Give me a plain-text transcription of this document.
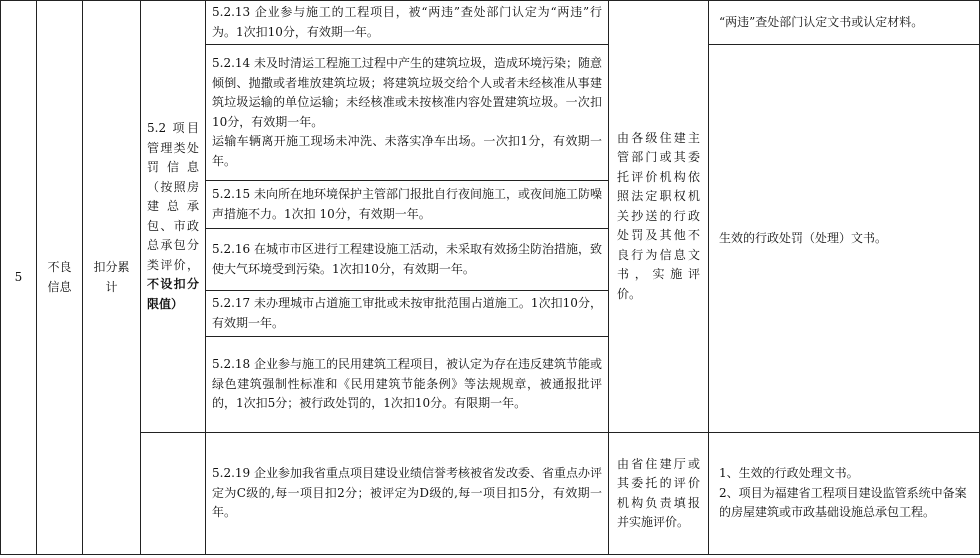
5	不良信息	扣分累计	5.2 项目管理类处罚信息（按照房建总承包、市政总承包分类评价，不设扣分限值）	5.2.13 企业参与施工的工程项目，被“两违”查处部门认定为“两违”行为。1次扣10分，有效期一年。	由各级住建主管部门或其委托评价机构依照法定职权机关抄送的行政处罚及其他不良行为信息文书，实施评价。	“两违”查处部门认定文书或认定材料。

				5.2.14 未及时清运工程施工过程中产生的建筑垃圾，造成环境污染；随意倾倒、抛撒或者堆放建筑垃圾；将建筑垃圾交给个人或者未经核准从事建筑垃圾运输的单位运输；未经核准或未按核准内容处置建筑垃圾。一次扣10分，有效期一年。
运输车辆离开施工现场未冲洗、未落实净车出场。一次扣1分，有效期一年。		生效的行政处罚（处理）文书。

				5.2.15 未向所在地环境保护主管部门报批自行夜间施工，或夜间施工防噪声措施不力。1次扣 10分，有效期一年。		

				5.2.16 在城市市区进行工程建设施工活动，未采取有效扬尘防治措施，致使大气环境受到污染。1次扣10分，有效期一年。		

				5.2.17 未办理城市占道施工审批或未按审批范围占道施工。1次扣10分，有效期一年。		

				5.2.18 企业参与施工的民用建筑工程项目，被认定为存在违反建筑节能或绿色建筑强制性标准和《民用建筑节能条例》等法规规章，被通报批评的，1次扣5分；被行政处罚的，1次扣10分。有限期一年。		

				5.2.19 企业参加我省重点项目建设业绩信誉考核被省发改委、省重点办评定为C级的,每一项目扣2分；被评定为D级的,每一项目扣5分，有效期一年。		

					由省住建厅或其委托的评价机构负责填报并实施评价。	1、生效的行政处理文书。
2、项目为福建省工程项目建设监管系统中备案的房屋建筑或市政基础设施总承包工程。
